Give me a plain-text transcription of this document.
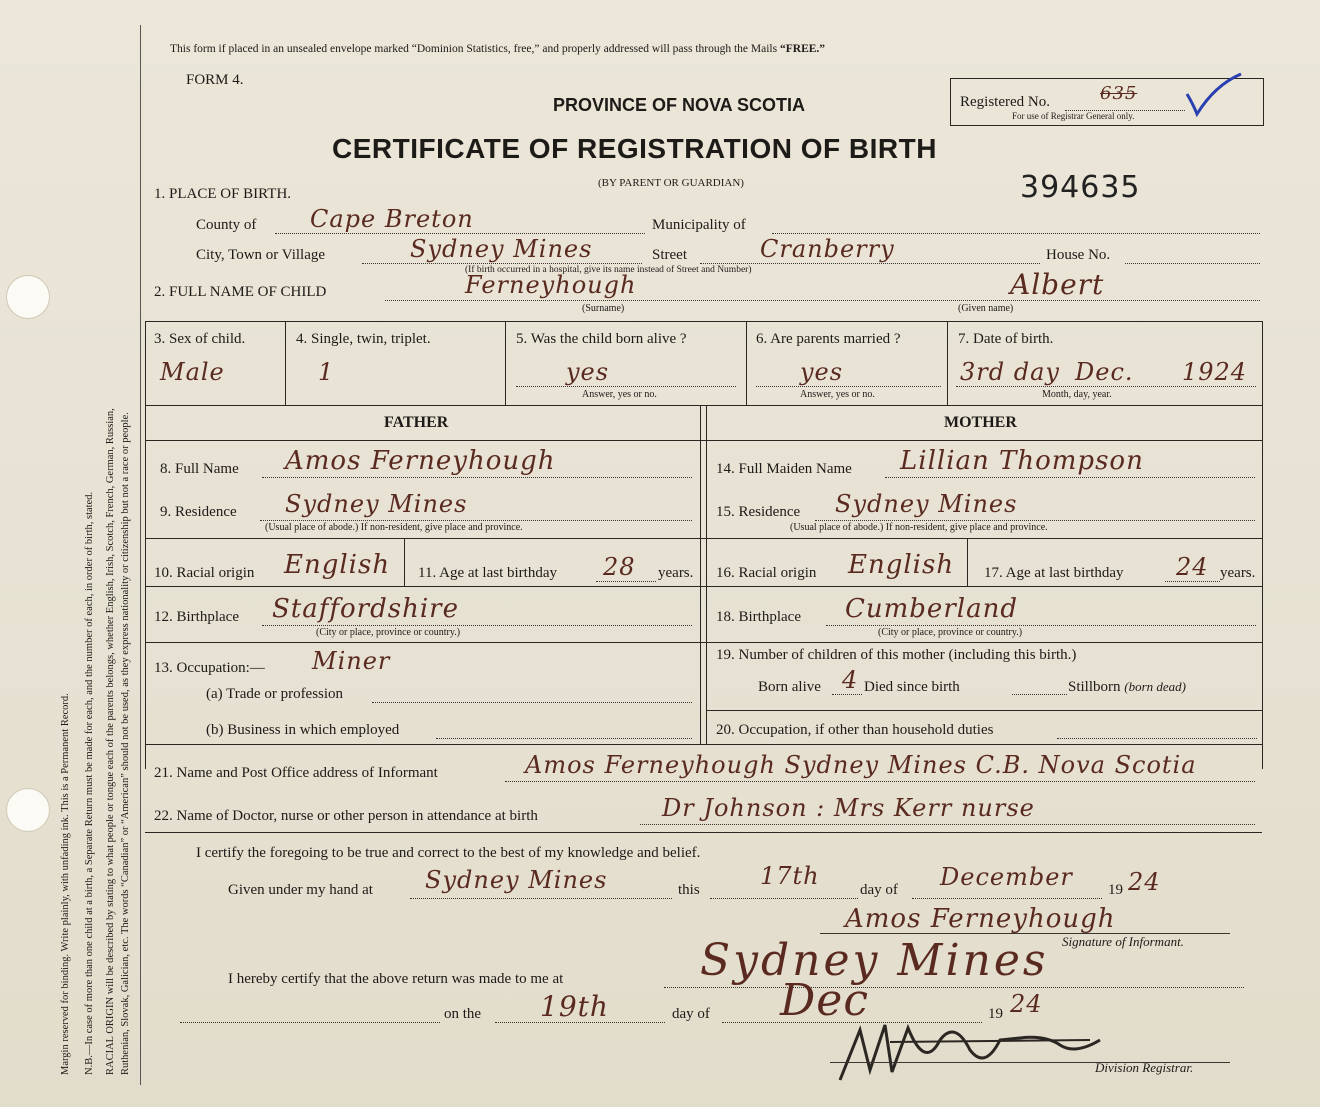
Margin reserved for binding. Write plainly, with unfading ink. This is a Permanent Record. N.B.—In case of more than one child at a birth, a Separate Return must be made for each, and the number of each, in order of birth, stated. RACIAL ORIGIN will be described by stating to what people or tongue each of the parents belongs, whether English, Irish, Scotch, French, German, Russian, Ruthenian, Slovak, Galician, etc. The words “Canadian” or “American” should not be used, as they express nationality or citizenship but not a race or people.
This form if placed in an unsealed envelope marked “Dominion Statistics, free,” and properly addressed will pass through the Mails “FREE.”
FORM 4.
PROVINCE OF NOVA SCOTIA
CERTIFICATE OF REGISTRATION OF BIRTH
(BY PARENT OR GUARDIAN)
Registered No.	635
For use of Registrar General only.
394635
1. PLACE OF BIRTH.
County of Cape Breton	Municipality of
City, Town or Village	Sydney Mines	Street	Cranberry	House No.
(If birth occurred in a hospital, give its name instead of Street and Number)
2. FULL NAME OF CHILD	Ferneyhough
(Surname)
Albert
(Given name)
3. Sex of child.
Male
4. Single, twin, triplet.
1
5. Was the child born alive ?
yes
Answer, yes or no.
6. Are parents married ?
yes
Answer, yes or no.
7. Date of birth.
3rd day Dec. 1924
Month, day, year.
FATHER	MOTHER
8. Full Name Amos Ferneyhough	14. Full Maiden Name Lillian Thompson
9. Residence Sydney Mines
(Usual place of abode.) If non-resident, give place and province.
15. Residence Sydney Mines
(Usual place of abode.) If non-resident, give place and province.
10. Racial origin English 11. Age at last birthday 28 years. 16. Racial origin English 17. Age at last birthday 24 years.
12. Birthplace Staffordshire
(City or place, province or country.)
18. Birthplace Cumberland
(City or place, province or country.)
13. Occupation:— Miner
(a) Trade or profession
(b) Business in which employed
19. Number of children of this mother (including this birth.)
Born alive 4 Died since birth	Stillborn (born dead)
20. Occupation, if other than household duties
21. Name and Post Office address of Informant	Amos Ferneyhough Sydney Mines C.B. Nova Scotia
22. Name of Doctor, nurse or other person in attendance at birth	Dr Johnson : Mrs Kerr nurse
I certify the foregoing to be true and correct to the best of my knowledge and belief.
Given under my hand at Sydney Mines	this	17th	day of December 19 24
Amos Ferneyhough
Signature of Informant.
I hereby certify that the above return was made to me at	Sydney Mines
on the 19th	day of Dec	19 24
Division Registrar.
